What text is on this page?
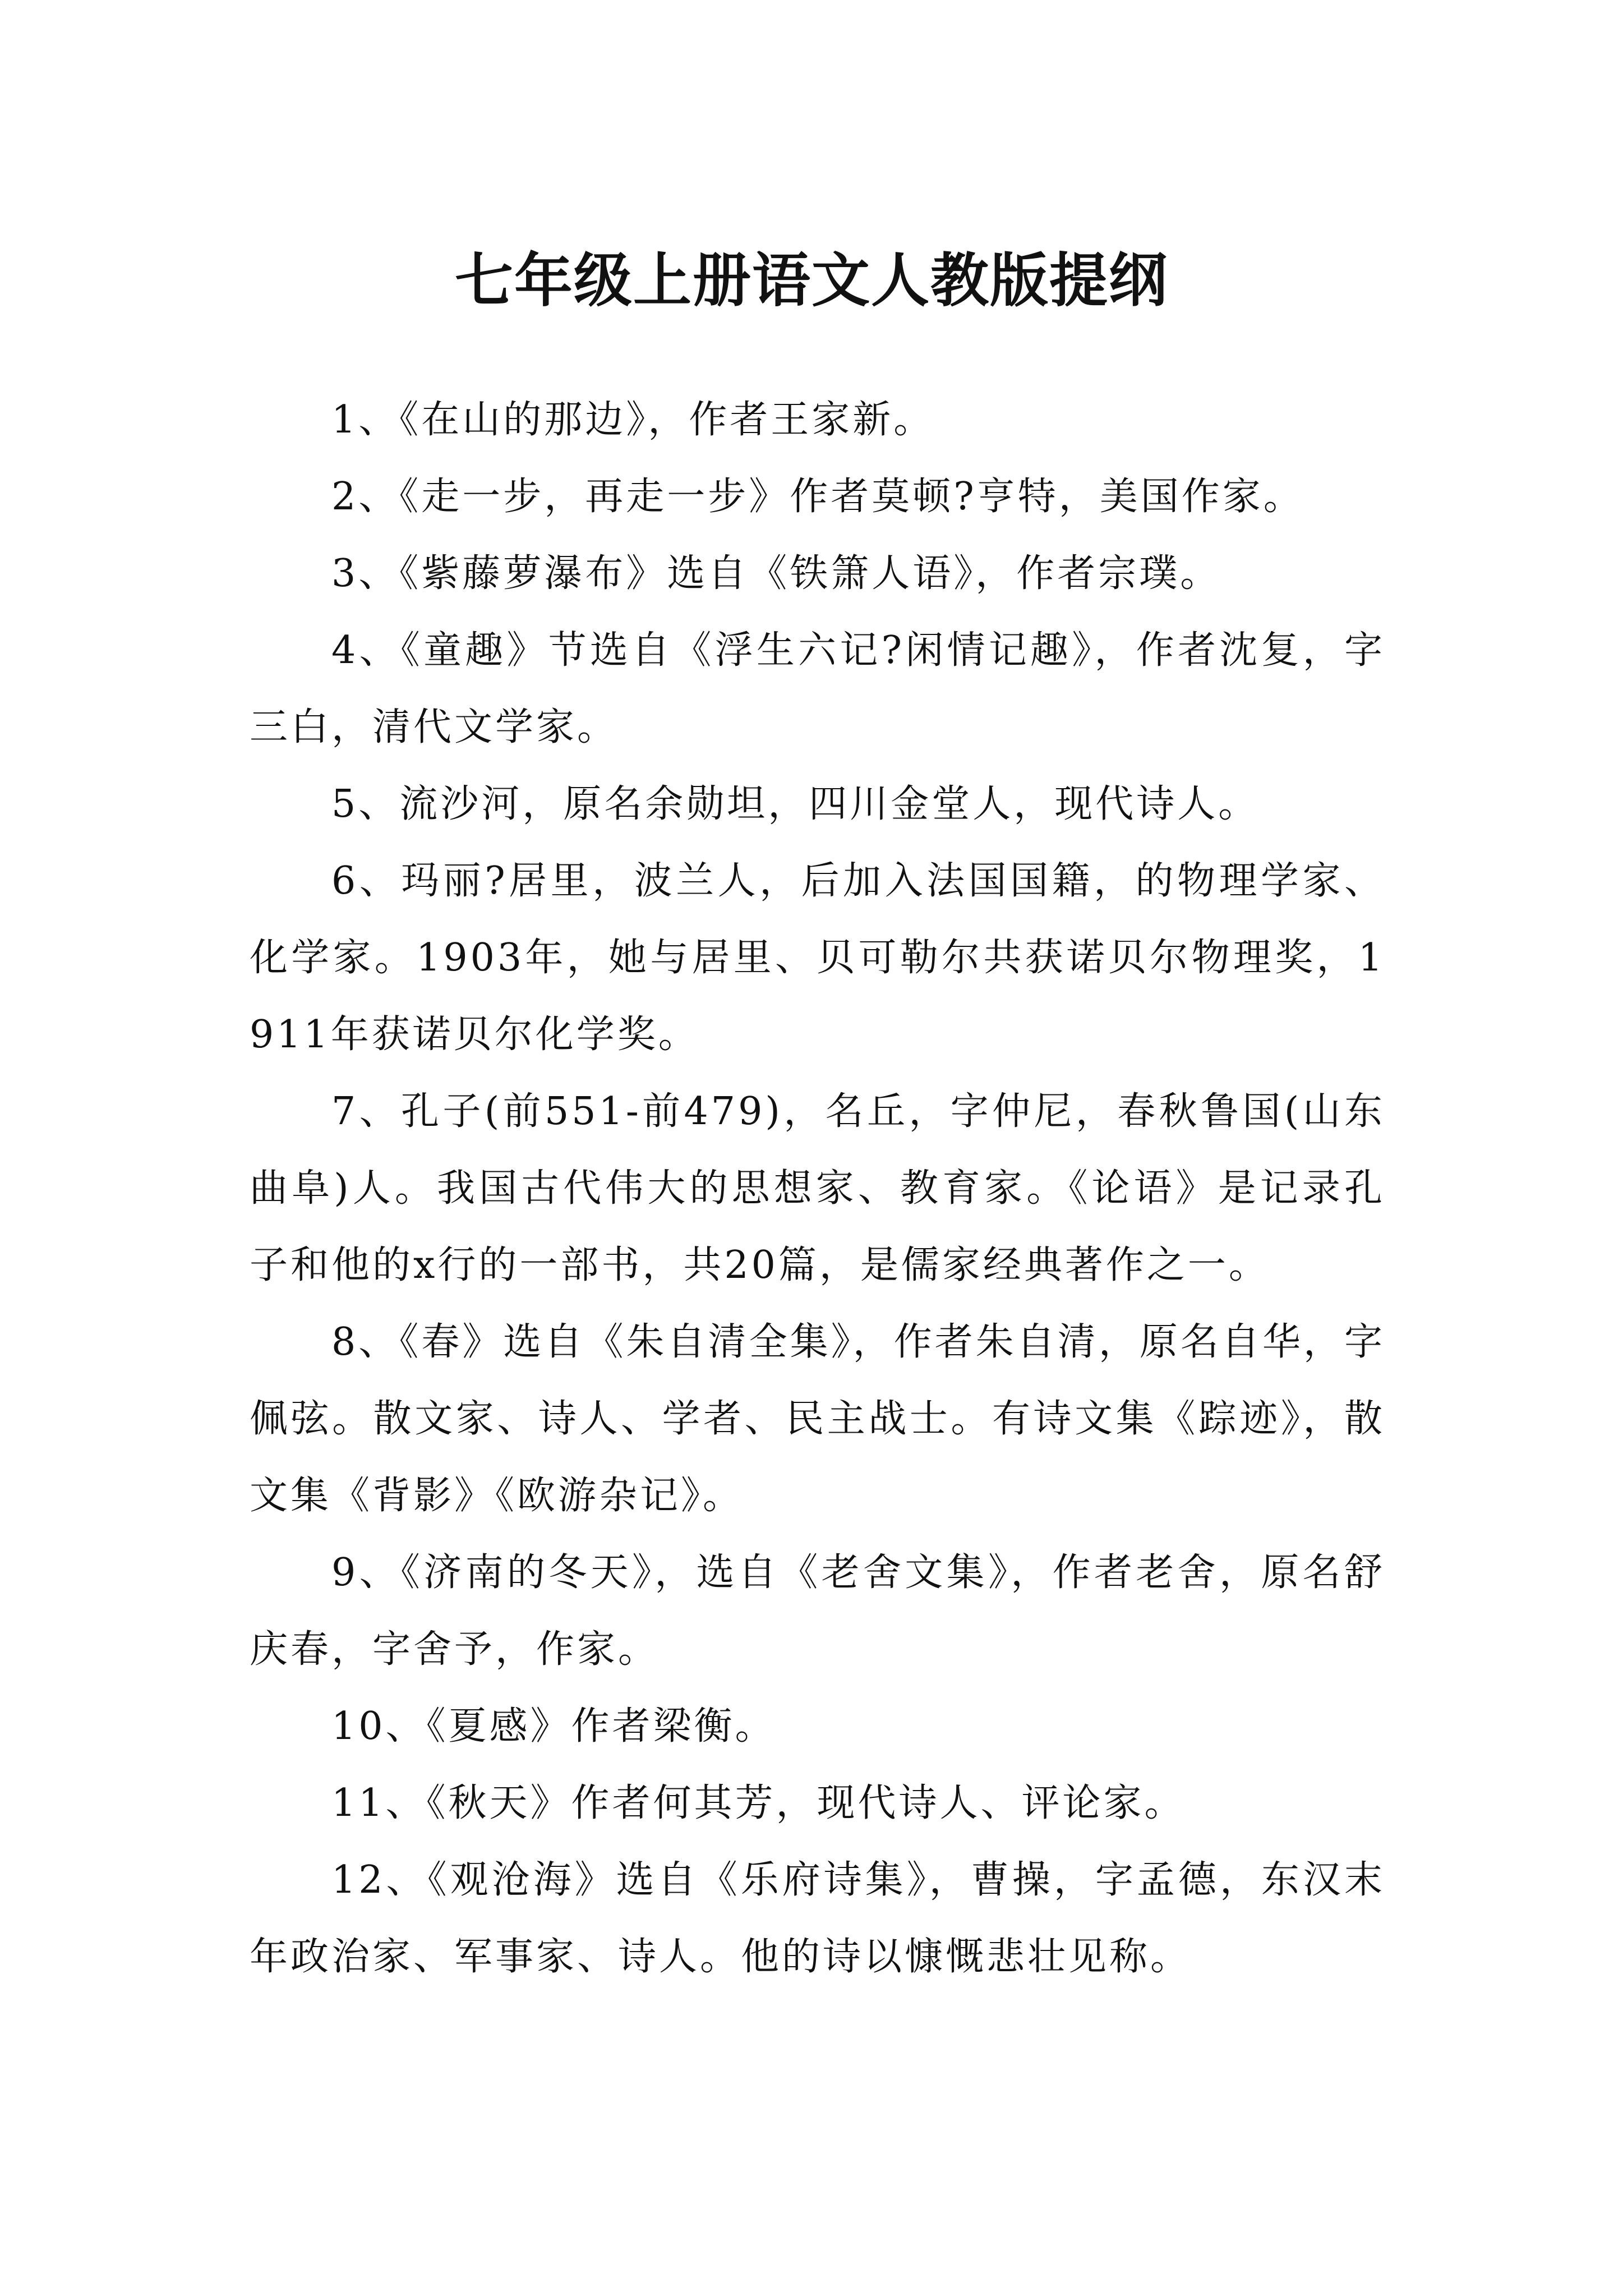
七年级上册语文人教版提纲

1、《在山的那边》，作者王家新。

2、《走一步，再走一步》作者莫顿?亨特，美国作家。

3、《紫藤萝瀑布》选自《铁箫人语》，作者宗璞。

4、《童趣》节选自《浮生六记?闲情记趣》，作者沈复，字三白，清代文学家。

5、流沙河，原名余勋坦，四川金堂人，现代诗人。

6、玛丽?居里，波兰人，后加入法国国籍，的物理学家、化学家。1903年，她与居里、贝可勒尔共获诺贝尔物理奖，1911年获诺贝尔化学奖。

7、孔子(前551-前479)，名丘，字仲尼，春秋鲁国(山东曲阜)人。我国古代伟大的思想家、教育家。《论语》是记录孔子和他的x行的一部书，共20篇，是儒家经典著作之一。

8、《春》选自《朱自清全集》，作者朱自清，原名自华，字佩弦。散文家、诗人、学者、民主战士。有诗文集《踪迹》，散文集《背影》《欧游杂记》。

9、《济南的冬天》，选自《老舍文集》，作者老舍，原名舒庆春，字舍予，作家。

10、《夏感》作者梁衡。

11、《秋天》作者何其芳，现代诗人、评论家。

12、《观沧海》选自《乐府诗集》，曹操，字孟德，东汉末年政治家、军事家、诗人。他的诗以慷慨悲壮见称。
